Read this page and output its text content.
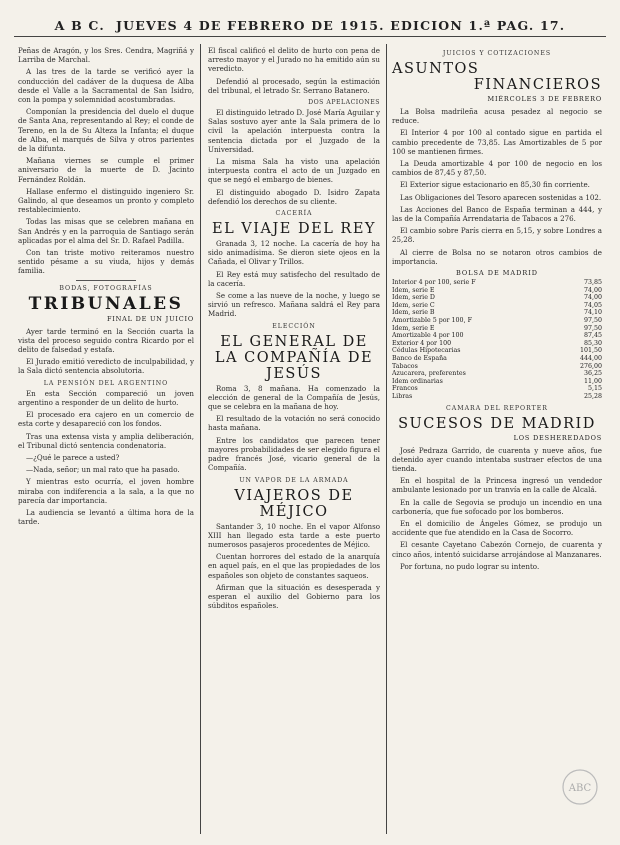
A B C. JUEVES 4 DE FEBRERO DE 1915. EDICION 1.ª PAG. 17.

Peñas de Aragón, y los Sres. Cendra, Magriñá y Larriba de Marchal.

A las tres de la tarde se verificó ayer la conducción del cadáver de la duquesa de Alba desde el Valle a la Sacramental de San Isidro, con la pompa y solemnidad acostumbradas.

Componían la presidencia del duelo el duque de Santa Ana, representando al Rey; el conde de Tereno, en la de Su Alteza la Infanta; el duque de Alba, el marqués de Silva y otros parientes de la difunta.

Mañana viernes se cumple el primer aniversario de la muerte de D. Jacinto Fernández Roldán.

Hallase enfermo el distinguido ingeniero Sr. Galindo, al que deseamos un pronto y completo restablecimiento.

Todas las misas que se celebren mañana en San Andrés y en la parroquia de Santiago serán aplicadas por el alma del Sr. D. Rafael Padilla.

Con tan triste motivo reiteramos nuestro sentido pésame a su viuda, hijos y demás familia.

BODAS, FOTOGRAFÍAS
TRIBUNALES
FINAL DE UN JUICIO

Ayer tarde terminó en la Sección cuarta la vista del proceso seguido contra Ricardo por el delito de falsedad y estafa.

El Jurado emitió veredicto de inculpabilidad, y la Sala dictó sentencia absolutoria.

LA PENSIÓN DEL ARGENTINO

En esta Sección compareció un joven argentino a responder de un delito de hurto.

El procesado era cajero en un comercio de esta corte y desapareció con los fondos.

Tras una extensa vista y amplia deliberación, el Tribunal dictó sentencia condenatoria.

—¿Qué le parece a usted?

—Nada, señor; un mal rato que ha pasado.

Y mientras esto ocurría, el joven hombre miraba con indiferencia a la sala, a la que no parecía dar importancia.

La audiencia se levantó a última hora de la tarde.

El fiscal calificó el delito de hurto con pena de arresto mayor y el Jurado no ha emitido aún su veredicto.

Defendió al procesado, según la estimación del tribunal, el letrado Sr. Serrano Batanero.

DOS APELACIONES

El distinguido letrado D. José María Aguilar y Salas sostuvo ayer ante la Sala primera de lo civil la apelación interpuesta contra la sentencia dictada por el Juzgado de la Universidad.

La misma Sala ha visto una apelación interpuesta contra el acto de un Juzgado en que se negó el embargo de bienes.

El distinguido abogado D. Isidro Zapata defendió los derechos de su cliente.

CACERÍA
EL VIAJE DEL REY

Granada 3, 12 noche. La cacería de hoy ha sido animadísima. Se dieron siete ojeos en la Cañada, el Olivar y Trillos.

El Rey está muy satisfecho del resultado de la cacería.

Se come a las nueve de la noche, y luego se sirvió un refresco. Mañana saldrá el Rey para Madrid.

ELECCIÓN
EL GENERAL DE LA COMPAÑÍA DE JESÚS

Roma 3, 8 mañana. Ha comenzado la elección de general de la Compañía de Jesús, que se celebra en la mañana de hoy.

El resultado de la votación no será conocido hasta mañana.

Entre los candidatos que parecen tener mayores probabilidades de ser elegido figura el padre francés José, vicario general de la Compañía.

UN VAPOR DE LA ARMADA
VIAJEROS DE MÉJICO

Santander 3, 10 noche. En el vapor Alfonso XIII han llegado esta tarde a este puerto numerosos pasajeros procedentes de Méjico.

Cuentan horrores del estado de la anarquía en aquel país, en el que las propiedades de los españoles son objeto de constantes saqueos.

Afirman que la situación es desesperada y esperan el auxilio del Gobierno para los súbditos españoles.

JUICIOS Y COTIZACIONES
ASUNTOS
FINANCIEROS
MIÉRCOLES 3 DE FEBRERO

La Bolsa madrileña acusa pesadez al negocio se reduce.

El Interior 4 por 100 al contado sigue en partida el cambio precedente de 73,85. Las Amortizables de 5 por 100 se mantienen firmes.

La Deuda amortizable 4 por 100 de negocio en los cambios de 87,45 y 87,50.

El Exterior sigue estacionario en 85,30 fin corriente.

Las Obligaciones del Tesoro aparecen sostenidas a 102.

Las Acciones del Banco de España terminan a 444, y las de la Compañía Arrendataria de Tabacos a 276.

El cambio sobre París cierra en 5,15, y sobre Londres a 25,28.

Al cierre de Bolsa no se notaron otros cambios de importancia.

BOLSA DE MADRID
Interior 4 por 100, serie F	73,85
Idem, serie E	74,00
Idem, serie D	74,00
Idem, serie C	74,05
Idem, serie B	74,10
Amortizable 5 por 100, F	97,50
Idem, serie E	97,50
Amortizable 4 por 100	87,45
Exterior 4 por 100	85,30
Cédulas Hipotecarias	101,50
Banco de España	444,00
Tabacos	276,00
Azucarera, preferentes	36,25
Idem ordinarias	11,00
Francos	5,15
Libras	25,28
CAMARA DEL REPORTER
SUCESOS DE MADRID
LOS DESHEREDADOS

José Pedraza Garrido, de cuarenta y nueve años, fue detenido ayer cuando intentaba sustraer efectos de una tienda.

En el hospital de la Princesa ingresó un vendedor ambulante lesionado por un tranvía en la calle de Alcalá.

En la calle de Segovia se produjo un incendio en una carbonería, que fue sofocado por los bomberos.

En el domicilio de Ángeles Gómez, se produjo un accidente que fue atendido en la Casa de Socorro.

El cesante Cayetano Cabezón Cornejo, de cuarenta y cinco años, intentó suicidarse arrojándose al Manzanares.

Por fortuna, no pudo lograr su intento.

ABC
